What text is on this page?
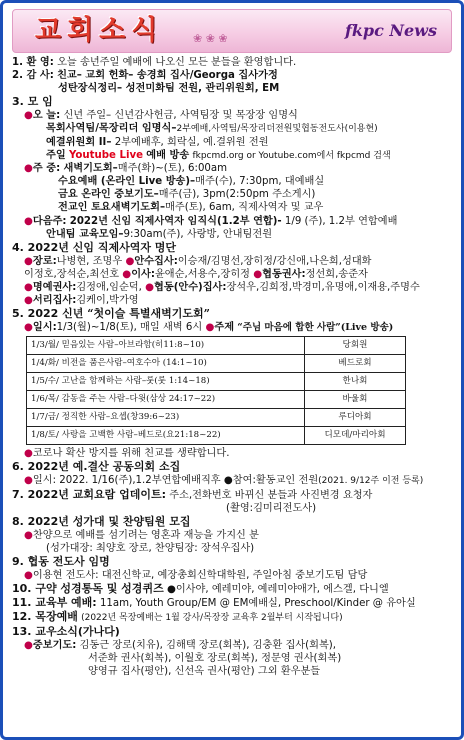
교회소식	❀ ❀ ❀	fkpc News
1. 환 영: 오늘 송년주일 예배에 나오신 모든 분들을 환영합니다.
2. 감 사: 친교– 교회 헌화– 송경희 집사/Georga 집사가정
성탄장식정리– 성전미화팀 전원, 관리위원회, EM
3. 모 임
●오 늘: 신년 주일– 신년감사헌금, 사역팀장 및 목장장 임명식
목회사역팀/목장리더 임명식–2부예배,사역팀/목장리더전원및협동전도사(이용현)
예결위원회 II– 2부예배후, 희락실, 예.결위원 전원
주일 Youtube Live 예배 방송 fkpcmd.org or Youtube.com에서 fkpcmd 검색
●주 중: 새벽기도회–매주(화)~(토), 6:00am
수요예배 (온라인 Live 방송)–매주(수), 7:30pm, 대예배실
금요 온라인 중보기도–매주(금), 3pm(2:50pm 주소게시)
전교인 토요새벽기도회–매주(토), 6am, 직제사역자 및 교우
●다음주: 2022년 신임 직제사역자 임직식(1.2부 연합)- 1/9 (주), 1.2부 연합예배
안내팀 교육모임–9:30am(주), 사랑방, 안내팀전원
4. 2022년 신임 직제사역자 명단
●장로:나병현, 조명우 ●안수집사:이승재/김명선,장히정/강신애,나은희,성대화
이정호,장석순,최선호 ●이사:윤애순,서용수,장히정 ●협동권사:정선희,송준자
●명예권사:김정애,임순덕, ●협동(안수)집사:장석우,김희정,박경미,유명애,이재용,주명수
●서리집사:김케이,박가영
5. 2022 신년 “첫이슬 특별새벽기도회”
●일시:1/3(월)~1/8(토), 매일 새벽 6시 ●주제 “주님 마음에 합한 사람”(Live 방송)
1/3/월/ 믿음있는 사람–아브라함(히11:8~10)	당회원
1/4/화/ 비전을 품은사람–여호수아 (14:1~10)	베드로회
1/5/수/ 고난을 함께하는 사람–룻(룻 1:14~18)	한나회
1/6/목/ 감동을 주는 사람–다윗(삼상 24:17~22)	바울회
1/7/금/ 정직한 사람–요셉(창39:6~23)	루디아회
1/8/토/ 사랑을 고백한 사람–베드로(요21:18~22)	디모데/마리아회
●코로나 확산 방지를 위해 친교를 생략합니다.
6. 2022년 예.결산 공동의회 소집
●일시: 2022. 1/16(주),1.2부연합예배직후 ●참여:활동교인 전원(2021. 9/12주 이전 등록)
7. 2022년 교회요람 업데이트: 주소,전화번호 바뀌신 분들과 사진변경 요청자
(촬영:김미리전도사)
8. 2022년 성가대 및 찬양팀원 모집
●찬양으로 예배를 섬기려는 영혼과 재능을 가지신 분
(성가대장: 최양호 장로, 찬양팀장: 장석우집사)
9. 협동 전도사 임명
●이용현 전도사: 대전신학교, 예장총회신학대학원, 주일아침 중보기도팀 담당
10. 구약 성경통독 및 성경퀴즈 ●이사야, 예레미야, 예레미야애가, 에스겔, 다니엘
11. 교육부 예배: 11am, Youth Group/EM @ EM예배실, Preschool/Kinder @ 유아실
12. 목장예배 (2022년 목장예배는 1월 강사/목장장 교육후 2월부터 시작됩니다)
13. 교우소식(가나다)
●중보기도: 김동근 장로(치유), 김해택 장로(회복), 김충환 집사(회복),
서준화 권사(회복), 이월호 장로(회복), 정문영 권사(회복)
양영규 집사(평안), 신선옥 권사(평안) 그외 환우분들
